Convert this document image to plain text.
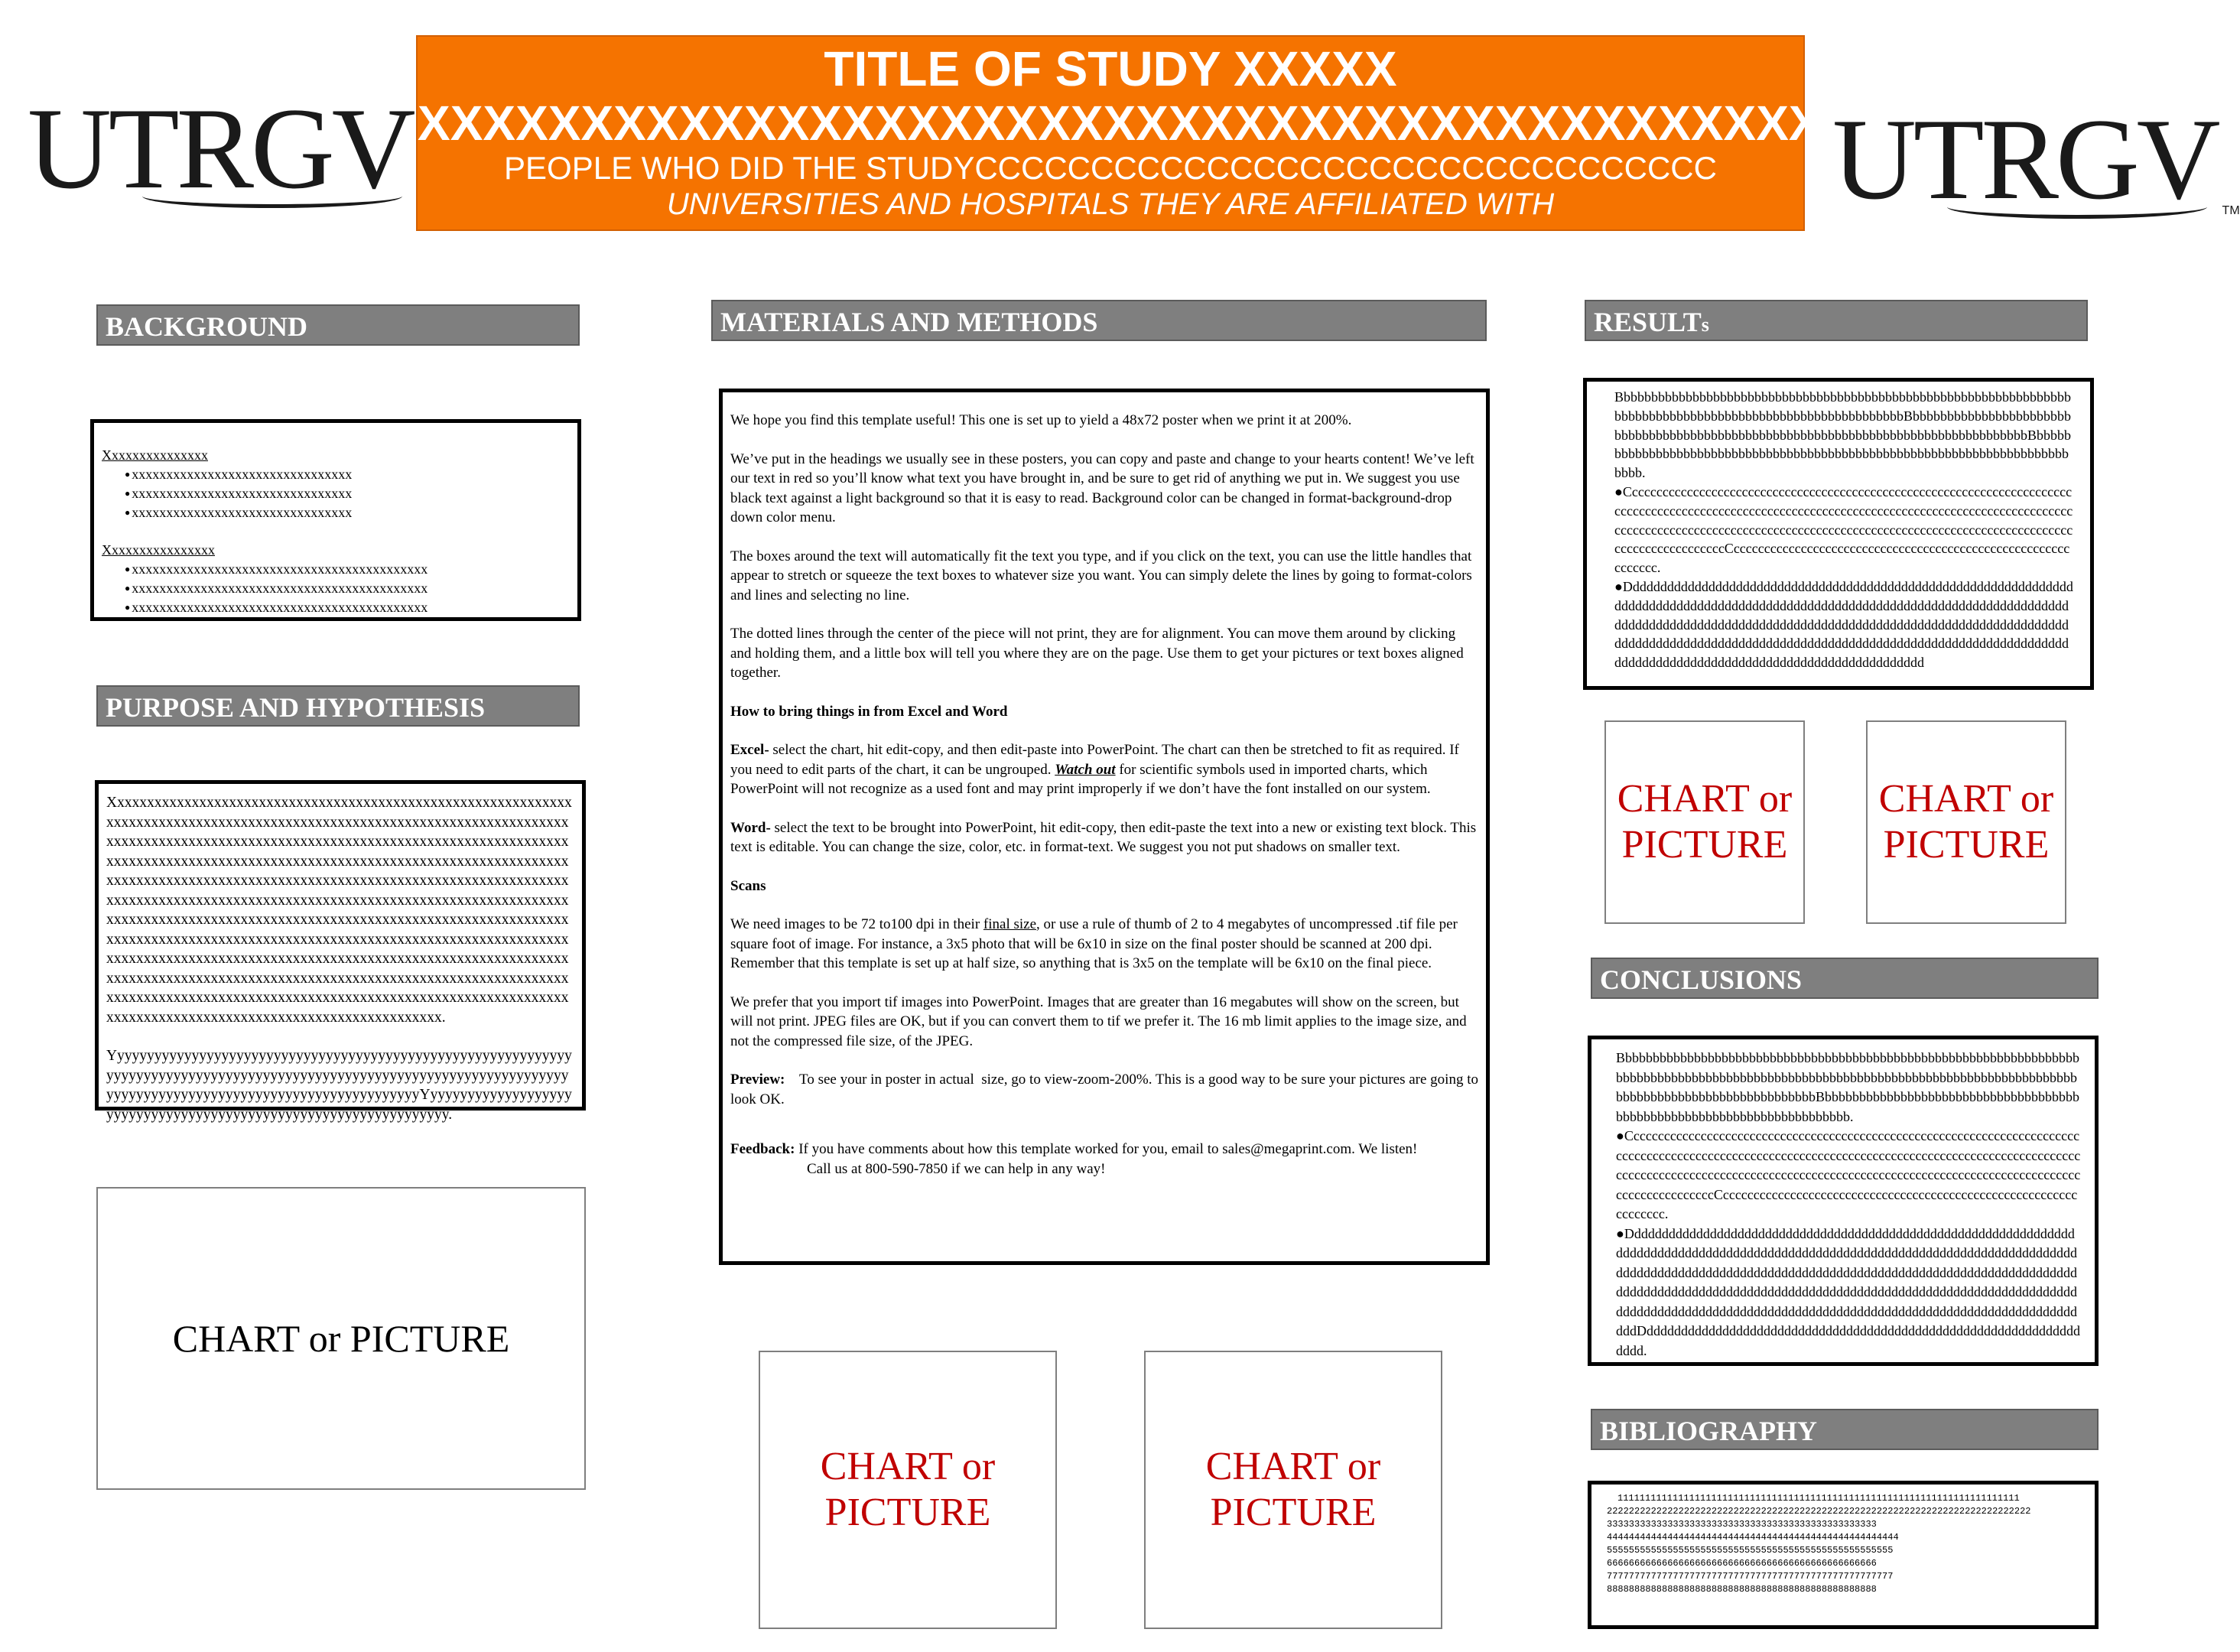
UTRGV	UTRGV TM
TITLE OF STUDY XXXXX
XXXXXXXXXXXXXXXXXXXXXXXXXXXXXXXXXXXXXXXXXXX
PEOPLE WHO DID THE STUDYCCCCCCCCCCCCCCCCCCCCCCCCCCCCCCCC
UNIVERSITIES AND HOSPITALS THEY ARE AFFILIATED WITH
BACKGROUND
Xxxxxxxxxxxxxxx
● xxxxxxxxxxxxxxxxxxxxxxxxxxxxxxxx
● xxxxxxxxxxxxxxxxxxxxxxxxxxxxxxxx
● xxxxxxxxxxxxxxxxxxxxxxxxxxxxxxxx
Xxxxxxxxxxxxxxxx
● xxxxxxxxxxxxxxxxxxxxxxxxxxxxxxxxxxxxxxxxxxx
● xxxxxxxxxxxxxxxxxxxxxxxxxxxxxxxxxxxxxxxxxxx
● xxxxxxxxxxxxxxxxxxxxxxxxxxxxxxxxxxxxxxxxxxx
PURPOSE AND HYPOTHESIS
Xxxxxxxxxxxxxxxxxxxxxxxxxxxxxxxxxxxxxxxxxxxxxxxxxxxxxxxxxxxxxxxxxxxxxxxxxxxxxxxxxxxxxxxxxxxxxxxxxxxxxxxxxxxxxxxxxxxxxxxxxxxxxxxxxxxxxxxxxxxxxxxxxxxxxxxxxxxxxxxxxxxxxxxxxxxxxxxxxxxxxxxxxxxxxxxxxxxxxxxxxxxxxxxxxxxxxxxxxxxxxxxxxxxxxxxxxxxxxxxxxxxxxxxxxxxxxxxxxxxxxxxxxxxxxxxxxxxxxxxxxxxxxxxxxxxxxxxxxxxxxxxxxxxxxxxxxxxxxxxxxxxxxxxxxxxxxxxxxxxxxxxxxxxxxxxxxxxxxxxxxxxxxxxxxxxxxxxxxxxxxxxxxxxxxxxxxxxxxxxxxxxxxxxxxxxxxxxxxxxxxxxxxxxxxxxxxxxxxxxxxxxxxxxxxxxxxxxxxxxxxxxxxxxxxxxxxxxxxxxxxxxxxxxxxxxxxxxxxxxxxxxxxxxxxxxxxxxxxxxxxxxxxxxxxxxxxxxxxxxxxxxxxxxxxxxxxxxxxxxxxxxxxxxxxxxxxxxxxxxxxxxxxxxxxxxxxxxxxxxxxxxxxxxxxxxxxxxxxxxxxxxxxxxxxxxxxxxxxxxxxxxxxxxxxxxxxxxxxxxxxxxxxxxxxxxxxxxxxxxxxxxxxxxxxxxxxxxxxxxxxxxxxxxxxxxxxxxxxxxxxxxxxxx.
YyyyyyyyyyyyyyyyyyyyyyyyyyyyyyyyyyyyyyyyyyyyyyyyyyyyyyyyyyyyyyyyyyyyyyyyyyyyyyyyyyyyyyyyyyyyyyyyyyyyyyyyyyyyyyyyyyyyyyyyyyyyyyyyyyyyyyyyyyyyyyyyyyyyyyyyyyyyyyyyyyyyyyYyyyyyyyyyyyyyyyyyyyyyyyyyyyyyyyyyyyyyyyyyyyyyyyyyyyyyyyyyyyyyyyyy.
CHART or PICTURE
MATERIALS AND METHODS
We hope you find this template useful! This one is set up to yield a 48x72 poster when we print it at 200%.
We’ve put in the headings we usually see in these posters, you can copy and paste and change to your hearts content! We’ve left our text in red so you’ll know what text you have brought in, and be sure to get rid of anything we put in. We suggest you use black text against a light background so that it is easy to read. Background color can be changed in format-background-drop down color menu.
The boxes around the text will automatically fit the text you type, and if you click on the text, you can use the little handles that appear to stretch or squeeze the text boxes to whatever size you want. You can simply delete the lines by going to format-colors and lines and selecting no line.
The dotted lines through the center of the piece will not print, they are for alignment. You can move them around by clicking and holding them, and a little box will tell you where they are on the page. Use them to get your pictures or text boxes aligned together.
How to bring things in from Excel and Word
Excel- select the chart, hit edit-copy, and then edit-paste into PowerPoint. The chart can then be stretched to fit as required. If you need to edit parts of the chart, it can be ungrouped. Watch out for scientific symbols used in imported charts, which PowerPoint will not recognize as a used font and may print improperly if we don’t have the font installed on our system.
Word- select the text to be brought into PowerPoint, hit edit-copy, then edit-paste the text into a new or existing text block. This text is editable. You can change the size, color, etc. in format-text. We suggest you not put shadows on smaller text.
Scans
We need images to be 72 to100 dpi in their final size, or use a rule of thumb of 2 to 4 megabytes of uncompressed .tif file per square foot of image. For instance, a 3x5 photo that will be 6x10 in size on the final poster should be scanned at 200 dpi. Remember that this template is set up at half size, so anything that is 3x5 on the template will be 6x10 on the final piece.
We prefer that you import tif images into PowerPoint. Images that are greater than 16 megabutes will show on the screen, but will not print. JPEG files are OK, but if you can convert them to tif we prefer it. The 16 mb limit applies to the image size, and not the compressed file size, of the JPEG.
Preview:    To see your in poster in actual  size, go to view-zoom-200%. This is a good way to be sure your pictures are going to look OK.
Feedback: If you have comments about how this template worked for you, email to sales@megaprint.com. We listen!
Call us at 800-590-7850 if we can help in any way!
CHART or
PICTURE
CHART or
PICTURE
RESULTs
BbbbbbbbbbbbbbbbbbbbbbbbbbbbbbbbbbbbbbbbbbbbbbbbbbbbbbbbbbbbbbbbbbbbbbbbbbbbbbbbbbbbbbbbbbbbbbbbbbbbbbbbbbbbBbbbbbbbbbbbbbbbbbbbbbbbbbbbbbbbbbbbbbbbbbbbbbbbbbbbbbbbbbbbbbbbbbbbbbbbbbbbbbbbbbbbBbbbbbbbbbbbbbbbbbbbbbbbbbbbbbbbbbbbbbbbbbbbbbbbbbbbbbbbbbbbbbbbbbbbbbbbbbbb.
●CccccccccccccccccccccccccccccccccccccccccccccccccccccccccccccccccccccccccccccccccccccccccccccccccccccccccccccccccccccccccccccccccccccccccccccccccccccccccccccccccccccccccccccccccccccccccccccccccccccccccccccccccccccccccccccccccccccccccccccccccCcccccccccccccccccccccccccccccccccccccccccccccccccccccccccccccc.
●Dddddddddddddddddddddddddddddddddddddddddddddddddddddddddddddddddddddddddddddddddddddddddddddddddddddddddddddddddddddddddddddddddddddddddddddddddddddddddddddddddddddddddddddddddddddddddddddddddddddddddddddddddddddddddddddddddddddddddddddddddddddddddddddddddddddddddddddddddddddddddddddddddddddddddddddddddddd
CHART or
PICTURE
CHART or
PICTURE
CONCLUSIONS
BbbbbbbbbbbbbbbbbbbbbbbbbbbbbbbbbbbbbbbbbbbbbbbbbbbbbbbbbbbbbbbbbbbbbbbbbbbbbbbbbbbbbbbbbbbbbbbbbbbbbbbbbbbbbbbbbbbbbbbbbbbbbbbbbbbbbbbbbbbbbbbbbbbbbbbbbbbbbbbbbbbBbbbbbbbbbbbbbbbbbbbbbbbbbbbbbbbbbbbbbbbbbbbbbbbbbbbbbbbbbbbbbbbbbbbbbbb.
●CcccccccccccccccccccccccccccccccccccccccccccccccccccccccccccccccccccccccccccccccccccccccccccccccccccccccccccccccccccccccccccccccccccccccccccccccccccccccccccccccccccccccccccccccccccccccccccccccccccccccccccccccccccccccccccccccccccccccccccccccccCcccccccccccccccccccccccccccccccccccccccccccccccccccccccccccccccccc.
●DdddddddddddddddddddddddddddddddddddddddddddddddddddddddddddddddddddddddddddddddddddddddddddddddddddddddddddddddddddddddddddddddddddddddddddddddddddddddddddddddddddddddddddddddddddddddddddddddddddddddddddddddddddddddddddddddddddddddddddddddddddddddddddddddddddddddddddddddddddddddddddddddddddddddddddddddddddddddddddddddddddddddddddddddDddddddddddddddddddddddddddddddddddddddddddddddddddddddddddddddddddd.
BIBLIOGRAPHY
1111111111111111111111111111111111111111111111111111111111111111111111111
22222222222222222222222222222222222222222222222222222222222222222222222222222
3333333333333333333333333333333333333333333333333
44444444444444444444444444444444444444444444444444444
5555555555555555555555555555555555555555555555555555
6666666666666666666666666666666666666666666666666
7777777777777777777777777777777777777777777777777777
8888888888888888888888888888888888888888888888888
